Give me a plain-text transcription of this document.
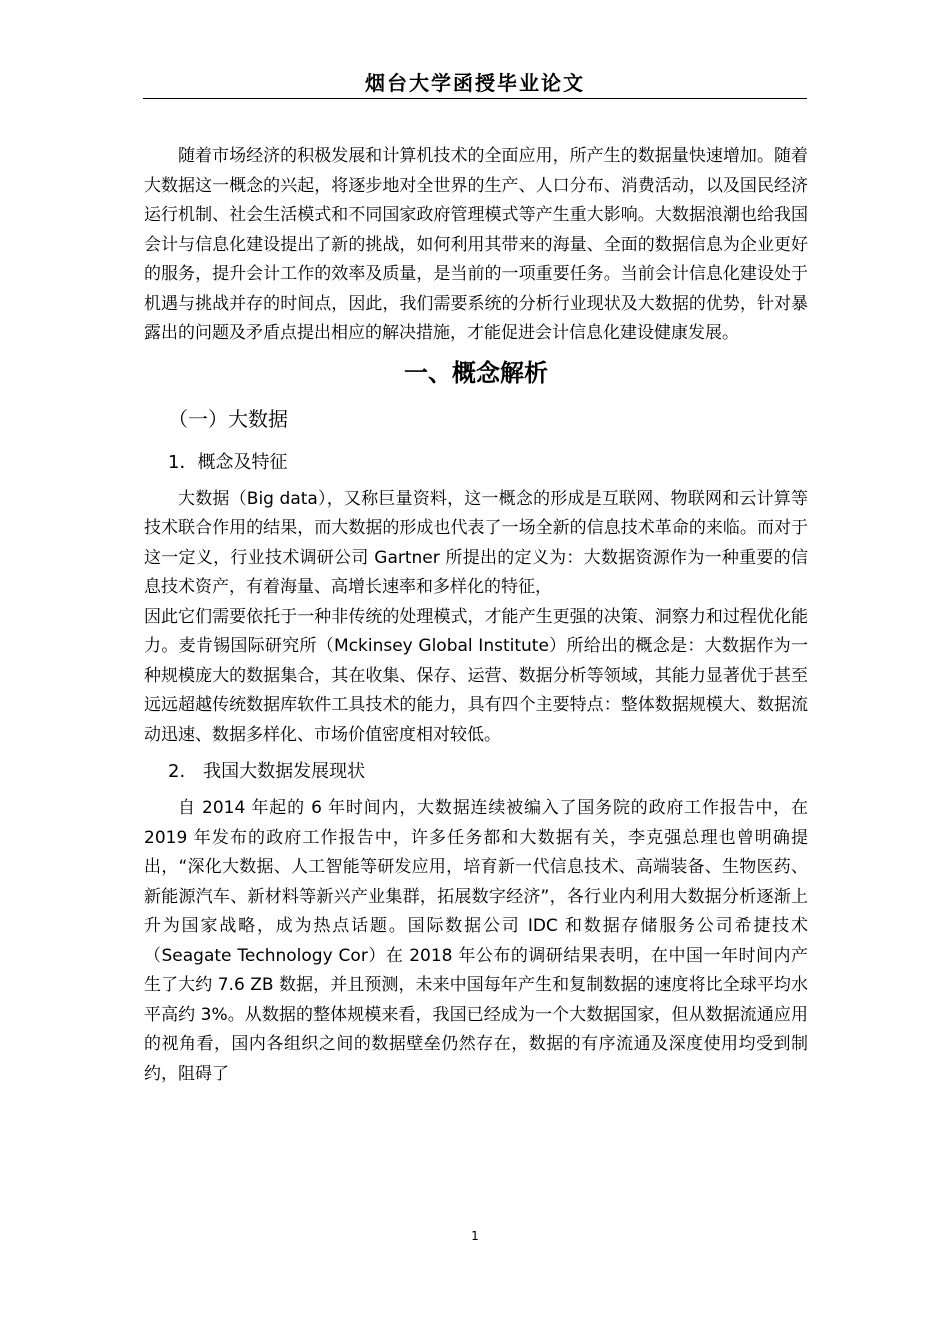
烟台大学函授毕业论文

随着市场经济的积极发展和计算机技术的全面应用，所产生的数据量快速增加。随着大数据这一概念的兴起，将逐步地对全世界的生产、人口分布、消费活动，以及国民经济运行机制、社会生活模式和不同国家政府管理模式等产生重大影响。大数据浪潮也给我国会计与信息化建设提出了新的挑战，如何利用其带来的海量、全面的数据信息为企业更好的服务，提升会计工作的效率及质量，是当前的一项重要任务。当前会计信息化建设处于机遇与挑战并存的时间点，因此，我们需要系统的分析行业现状及大数据的优势，针对暴露出的问题及矛盾点提出相应的解决措施，才能促进会计信息化建设健康发展。

一、概念解析
（一）大数据
1．概念及特征

大数据（Big data），又称巨量资料，这一概念的形成是互联网、物联网和云计算等技术联合作用的结果，而大数据的形成也代表了一场全新的信息技术革命的来临。而对于这一定义，行业技术调研公司 Gartner 所提出的定义为：大数据资源作为一种重要的信息技术资产，有着海量、高增长速率和多样化的特征，

因此它们需要依托于一种非传统的处理模式，才能产生更强的决策、洞察力和过程优化能力。麦肯锡国际研究所（Mckinsey Global Institute）所给出的概念是：大数据作为一种规模庞大的数据集合，其在收集、保存、运营、数据分析等领域，其能力显著优于甚至远远超越传统数据库软件工具技术的能力，具有四个主要特点：整体数据规模大、数据流动迅速、数据多样化、市场价值密度相对较低。

2.　我国大数据发展现状

自 2014 年起的 6 年时间内，大数据连续被编入了国务院的政府工作报告中，在 2019 年发布的政府工作报告中，许多任务都和大数据有关，李克强总理也曾明确提出，“深化大数据、人工智能等研发应用，培育新一代信息技术、高端装备、生物医药、新能源汽车、新材料等新兴产业集群，拓展数字经济”，各行业内利用大数据分析逐渐上升为国家战略，成为热点话题。国际数据公司 IDC 和数据存储服务公司希捷技术（Seagate Technology Cor）在 2018 年公布的调研结果表明，在中国一年时间内产生了大约 7.6 ZB 数据，并且预测，未来中国每年产生和复制数据的速度将比全球平均水平高约 3%。从数据的整体规模来看，我国已经成为一个大数据国家，但从数据流通应用的视角看，国内各组织之间的数据壁垒仍然存在，数据的有序流通及深度使用均受到制约，阻碍了

1
